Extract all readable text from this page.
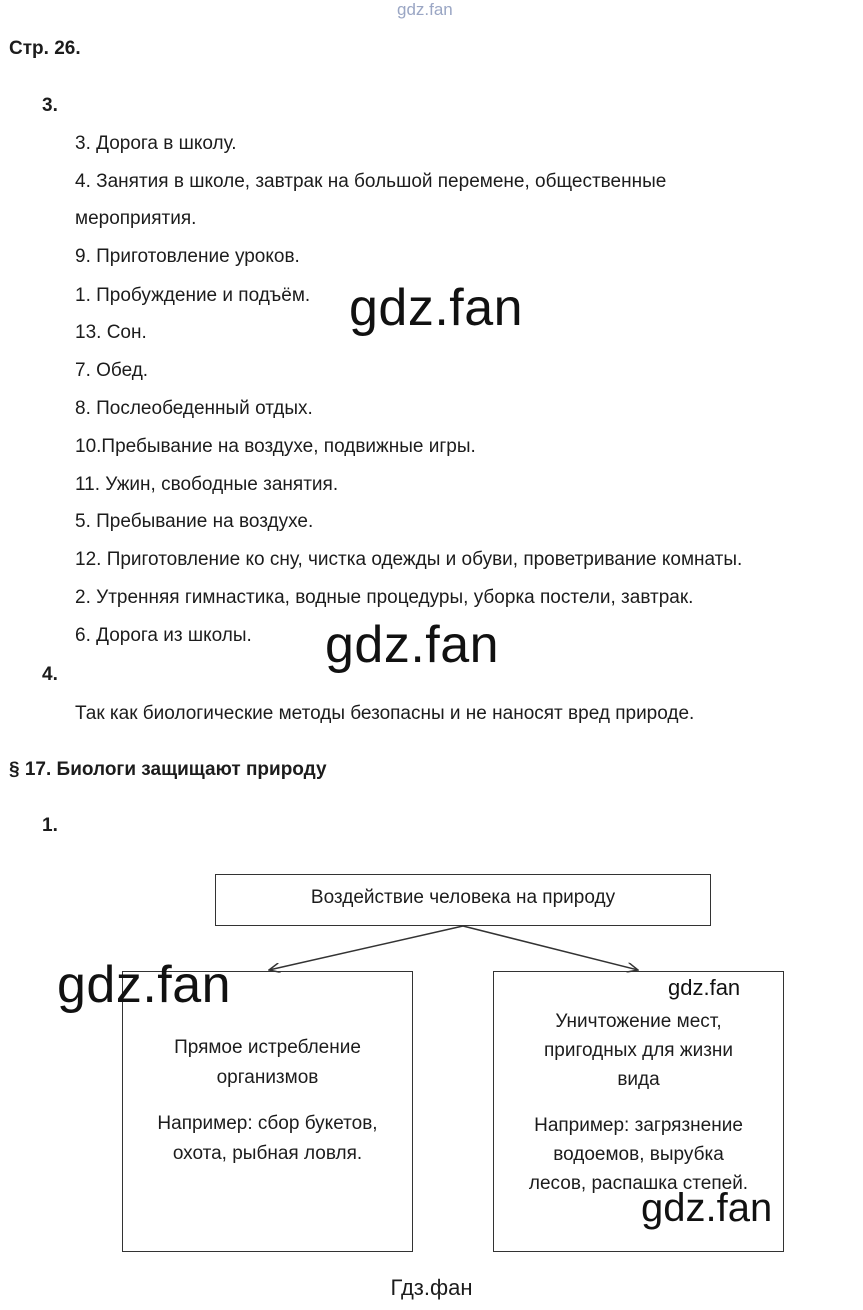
gdz.fan
Стр. 26.
3.
3. Дорога в школу.
4. Занятия в школе, завтрак на большой перемене, общественные
мероприятия.
9. Приготовление уроков.
1. Пробуждение и подъём.
13. Сон.
7. Обед.
8. Послеобеденный отдых.
10.Пребывание на воздухе, подвижные игры.
11. Ужин, свободные занятия.
5. Пребывание на воздухе.
12. Приготовление ко сну, чистка одежды и обуви, проветривание комнаты.
2. Утренняя гимнастика, водные процедуры, уборка постели, завтрак.
6. Дорога из школы.
4.
Так как биологические методы безопасны и не наносят вред природе.
§ 17. Биологи защищают природу
1.
Воздействие человека на природу
Прямое истребление
организмов
Например: сбор букетов,
охота, рыбная ловля.
Уничтожение мест,
пригодных для жизни
вида
Например: загрязнение
водоемов, вырубка
лесов, распашка степей.
gdz.fan
gdz.fan
gdz.fan	gdz.fan
gdz.fan
Гдз.фан
